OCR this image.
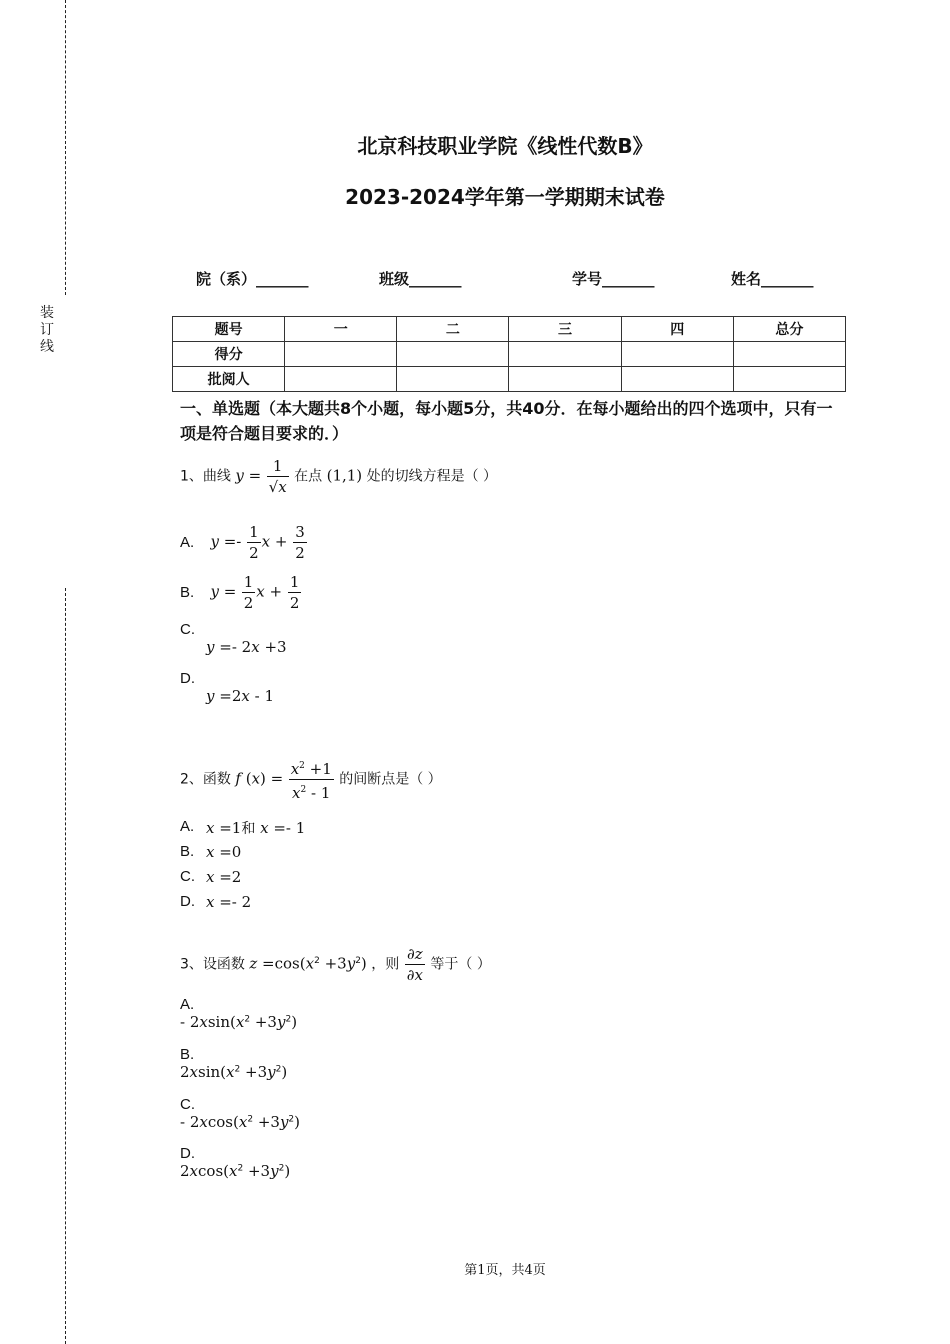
装
订
线
北京科技职业学院《线性代数B》
2023-2024学年第一学期期末试卷
院（系）_______	班级_______	学号_______	姓名_______
题号	一	二	三	四	总分
得分					
批阅人					
一、单选题（本大题共8个小题，每小题5分，共40分．在每小题给出的四个选项中，只有一项是符合题目要求的．）
1、曲线 $y = \frac{1}{√x}$ 在点 (1,1) 处的切线方程是（ ）
A. $y =- \frac{1}{2}$ $x + \frac{3}{2}$
B. $y = \frac{1}{2}$ $x + \frac{1}{2}$
C.
y =- 2x +3
D.
y =2x - 1
2、函数 f $(x) = \frac{x^2 +1}{x^2 - 1}$ 的间断点是（ ）
A. x =1和 x =- 1
B. x =0
C. x =2
D. x =- 2
3、设函数 $z =\cos(x^2 +3y^2)$ ，则 $\frac{\partial z}{\partial x}$ 等于（ ）
A.
- $2xsin(x^2 +3y^2)$
B.
$2xsin(x^2 +3y^2)$
C.
- $2xcos(x^2 +3y^2)$
D.
$2xcos(x^2 +3y^2)$
第1页，共4页
